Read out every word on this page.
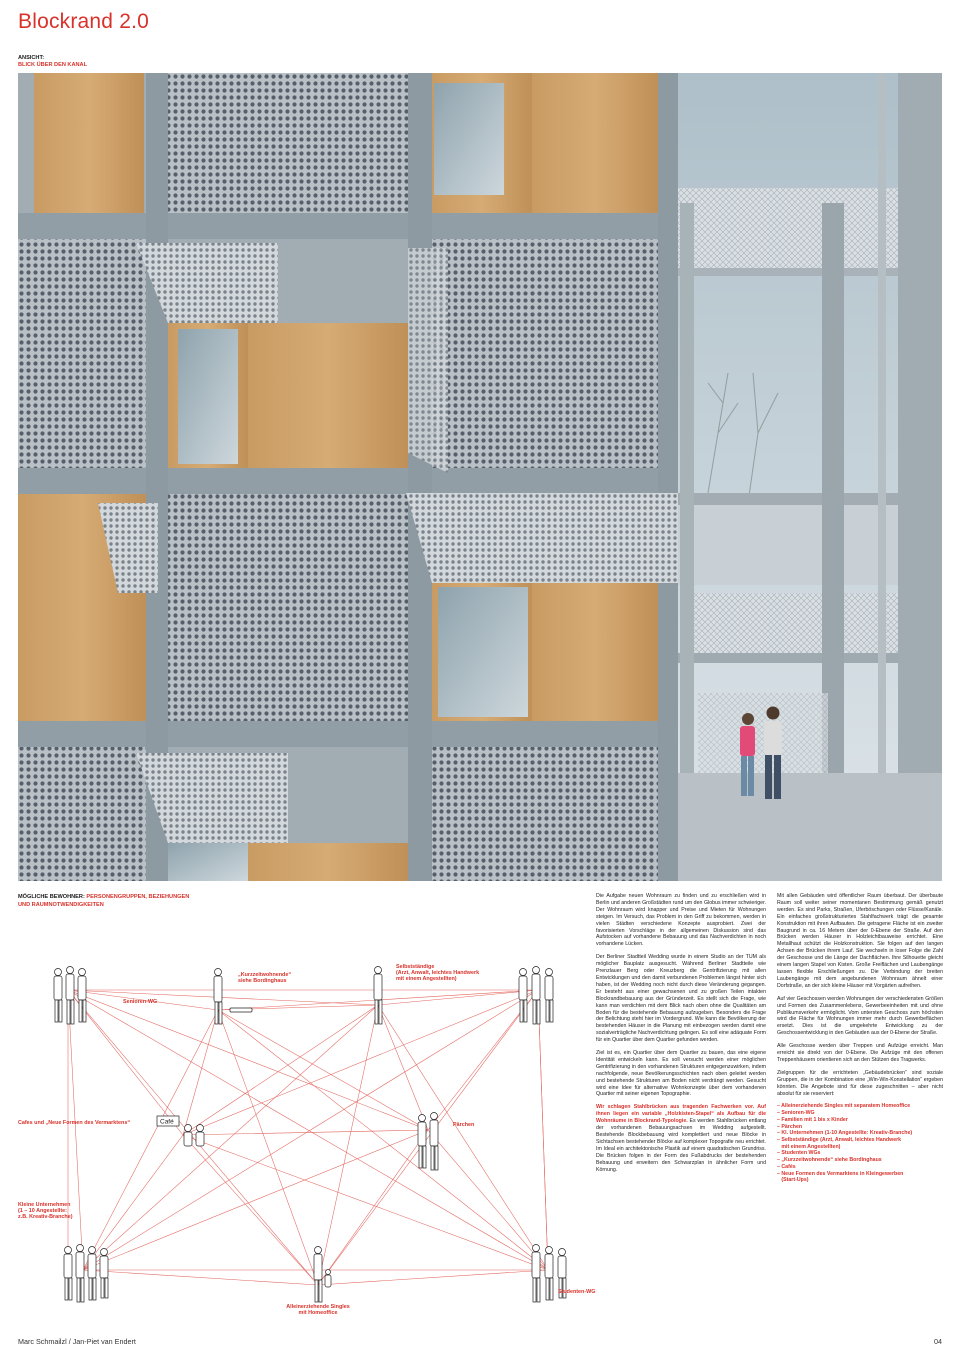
Blockrand 2.0
ANSICHT:
BLICK ÜBER DEN KANAL
MÖGLICHE BEWOHNER: PERSONENGRUPPEN, BEZIEHUNGEN
UND RAUMNOTWENDIGKEITEN
Café
Senioren-WG
„Kurzzeitwohnende“
siehe Bordinghaus
Selbstständige
(Arzt, Anwalt, leichtes Handwerk
mit einem Angestellten)
Cafes und „Neue Formen des Vermarktens“	Pärchen
Kleine Unternehmen
(1 – 10 Angestellte:
z.B. Kreativ-Branche)
Alleinerziehende Singles
mit Homeoffice
Studenten-WG

Die Aufgabe neuen Wohnraum zu finden und zu erschließen wird in Berlin und anderen Großstädten rund um den Globus immer schwieriger. Der Wohnraum wird knapper und Preise und Mieten für Wohnungen steigen. Im Versuch, das Problem in den Griff zu bekommen, werden in vielen Städten verschiedene Konzepte ausprobiert. Zwei der favorisierten Vorschläge in der allgemeinen Diskussion sind das Aufstocken auf vorhandene Bebauung und das Nachverdichten in noch vorhandene Lücken.

Der Berliner Stadtteil Wedding wurde in einem Studio an der TUM als möglicher Bauplatz ausgesucht. Während Berliner Stadtteile wie Prenzlauer Berg oder Kreuzberg die Gentrifizierung mit allen Entwicklungen und den damit verbundenen Problemen längst hinter sich haben, ist der Wedding noch nicht durch diese Veränderung gegangen. Er besteht aus einer gewachsenen und zu großen Teilen intakten Blockrandbebauung aus der Gründerzeit. Es stellt sich die Frage, wie kann man verdichten mit dem Blick nach oben ohne die Qualitäten am Boden für die bestehende Bebauung aufzugeben. Besonders die Frage der Belichtung steht hier im Vordergrund. Wie kann die Bevölkerung der bestehenden Häuser in die Planung mit einbezogen werden damit eine sozialverträgliche Nachverdichtung gelingen. Es soll eine adäquate Form für ein Quartier über dem Quartier gefunden werden.

Ziel ist es, ein Quartier über dem Quartier zu bauen, das eine eigene Identität entwickeln kann. Es soll versucht werden einer möglichen Gentrifizierung in den vorhandenen Strukturen entgegenzuwirken, indem nachfolgende, neue Bevölkerungsschichten nach oben geleitet werden und bestehende Strukturen am Boden nicht verdrängt werden. Gesucht wird eine Idee für alternative Wohnkonzepte über dem vorhandenen Quartier mit seiner eigenen Topographie.

Wir schlagen Stahlbrücken aus tragenden Fachwerken vor. Auf ihnen liegen ein variable „Holzkisten-Stapel“ als Aufbau für die Wohnräume in Blockrand-Typologie. Es werden Stahlbrücken entlang der vorhandenen Bebauungsachsen im Wedding aufgestellt. Bestehende Blockbebauung wird komplettiert und neue Blöcke in Sichtachsen bestehender Blöcke auf komplexer Topografie neu errichtet. Im Ideal ein architektonische Plastik auf einem quadratischen Grundriss. Die Brücken folgen in der Form des Fußabdrucks der bestehenden Bebauung und erweitern den Schwarzplan in ähnlicher Form und Körnung.

Mit allen Gebäuden wird öffentlicher Raum überbaut. Der überbaute Raum soll weiter seiner momentanen Bestimmung gemäß genutzt werden. Es sind Parks, Straßen, Uferböschungen oder Flüsse/Kanäle. Ein einfaches großstrukturiertes Stahlfachwerk trägt die gesamte Konstruktion mit ihren Aufbauten. Die getragene Fläche ist ein zweiter Baugrund in ca. 16 Metern über der 0-Ebene der Straße. Auf den Brücken werden Häuser in Holzleichtbauweise errichtet. Eine Metallhaut schützt die Holzkonstruktion. Sie folgen auf den langen Achsen der Brücken ihrem Lauf. Sie wechseln in loser Folge die Zahl der Geschosse und die Länge der Dachflächen. Ihre Silhouette gleicht einem langen Stapel von Kisten. Große Freiflächen und Laubengänge lassen flexible Erschließungen zu. Die Verbindung der breiten Laubengänge mit dem angebundenen Wohnraum ähnelt einer Dorfstraße, an der sich kleine Häuser mit Vorgärten aufreihen.

Auf vier Geschossen werden Wohnungen der verschiedensten Größen und Formen des Zusammenlebens, Gewerbeeinheiten mit und ohne Publikumsverkehr ermöglicht. Vom untersten Geschoss zum höchsten wird die Fläche für Wohnungen immer mehr durch Gewerbeflächen ersetzt. Dies ist die umgekehrte Entwicklung zu der Geschossentwicklung in den Gebäuden aus der 0-Ebene der Straße.

Alle Geschosse werden über Treppen und Aufzüge erreicht. Man erreicht sie direkt von der 0-Ebene. Die Aufzüge mit den offenen Treppenhäusern orientieren sich an den Stützen des Tragwerks.

Zielgruppen für die errichteten „Gebäudebrücken“ sind soziale Gruppen, die in der Kombination eine „Win-Win-Konstellation“ ergeben könnten. Die Angebote sind für diese zugeschnitten – aber nicht absolut für sie reserviert:

– Alleinerziehende Singles mit separatem Homeoffice
– Senioren-WG
– Familien mit 1 bis x Kinder
– Pärchen
– Kl. Unternehmen (1-10 Angestellte: Kreativ-Branche)
– Selbstständige (Arzt, Anwalt, leichtes Handwerk
mit einem Angestellten)
– Studenten WGs
– „Kurzzeitwohnende“ siehe Bordinghaus
– Cafés
– Neue Formen des Vermarktens in Kleingewerben
(Start-Ups)
Marc Schmailzl / Jan-Piet van Endert	04
